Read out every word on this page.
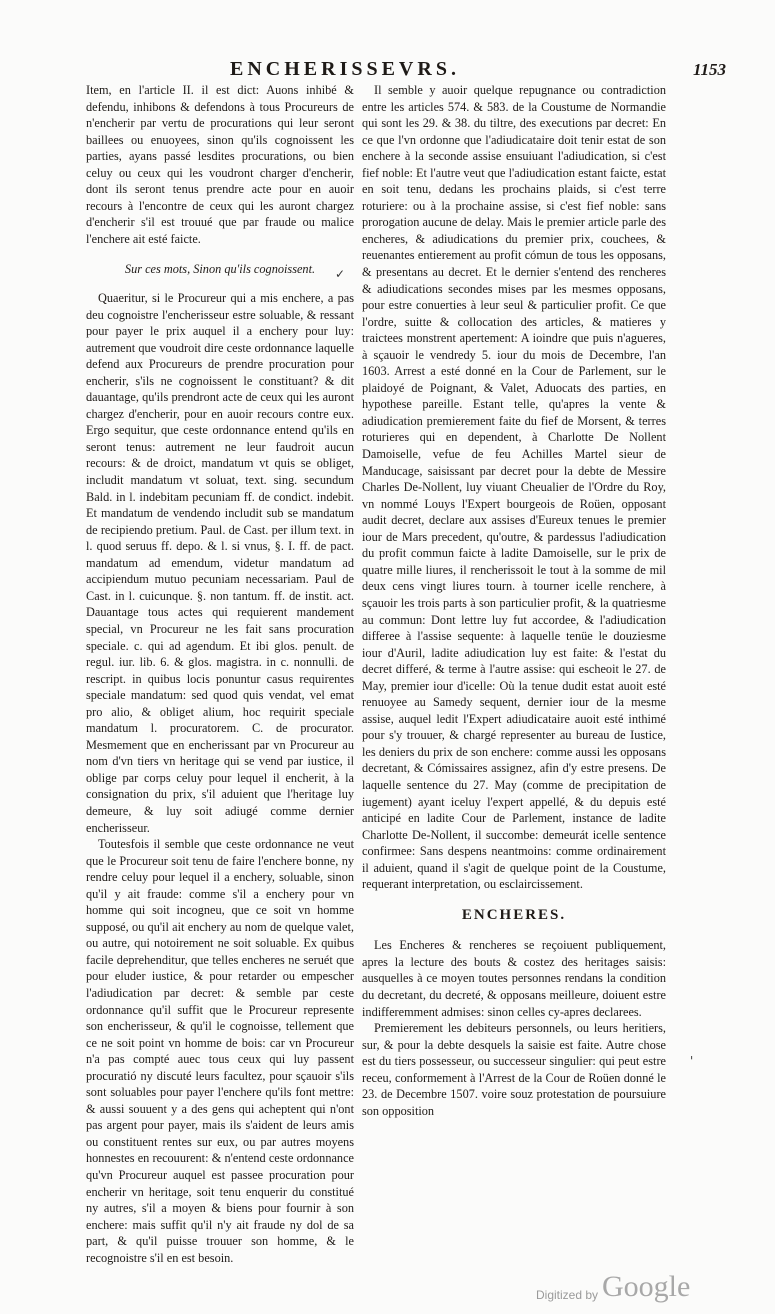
ENCHERISSEVRS.	1153

Item, en l'article II. il est dict: Auons inhibé & defendu, inhibons & defendons à tous Procureurs de n'encherir par vertu de procurations qui leur seront baillees ou enuoyees, sinon qu'ils cognoissent les parties, ayans passé lesdites procurations, ou bien celuy ou ceux qui les voudront charger d'encherir, dont ils seront tenus prendre acte pour en auoir recours à l'encontre de ceux qui les auront chargez d'encherir s'il est trouué que par fraude ou malice l'enchere ait esté faicte.

Sur ces mots, Sinon qu'ils cognoissent.

Quaeritur, si le Procureur qui a mis enchere, a pas deu cognoistre l'encherisseur estre soluable, & ressant pour payer le prix auquel il a enchery pour luy: autrement que voudroit dire ceste ordonnance laquelle defend aux Procureurs de prendre procuration pour encherir, s'ils ne cognoissent le constituant? & dit dauantage, qu'ils prendront acte de ceux qui les auront chargez d'encherir, pour en auoir recours contre eux. Ergo sequitur, que ceste ordonnance entend qu'ils en seront tenus: autrement ne leur faudroit aucun recours: & de droict, mandatum vt quis se obliget, includit mandatum vt soluat, text. sing. secundum Bald. in l. indebitam pecuniam ff. de condict. indebit. Et mandatum de vendendo includit sub se mandatum de recipiendo pretium. Paul. de Cast. per illum text. in l. quod seruus ff. depo. & l. si vnus, §. I. ff. de pact. mandatum ad emendum, videtur mandatum ad accipiendum mutuo pecuniam necessariam. Paul de Cast. in l. cuicunque. §. non tantum. ff. de instit. act. Dauantage tous actes qui requierent mandement special, vn Procureur ne les fait sans procuration speciale. c. qui ad agendum. Et ibi glos. penult. de regul. iur. lib. 6. & glos. magistra. in c. nonnulli. de rescript. in quibus locis ponuntur casus requirentes speciale mandatum: sed quod quis vendat, vel emat pro alio, & obliget alium, hoc requirit speciale mandatum l. procuratorem. C. de procurator. Mesmement que en encherissant par vn Procureur au nom d'vn tiers vn heritage qui se vend par iustice, il oblige par corps celuy pour lequel il encherit, à la consignation du prix, s'il aduient que l'heritage luy demeure, & luy soit adiugé comme dernier encherisseur.

Toutesfois il semble que ceste ordonnance ne veut que le Procureur soit tenu de faire l'enchere bonne, ny rendre celuy pour lequel il a enchery, soluable, sinon qu'il y ait fraude: comme s'il a enchery pour vn homme qui soit incogneu, que ce soit vn homme supposé, ou qu'il ait enchery au nom de quelque valet, ou autre, qui notoirement ne soit soluable. Ex quibus facile deprehenditur, que telles encheres ne seruét que pour eluder iustice, & pour retarder ou empescher l'adiudication par decret: & semble par ceste ordonnance qu'il suffit que le Procureur represente son encherisseur, & qu'il le cognoisse, tellement que ce ne soit point vn homme de bois: car vn Procureur n'a pas compté auec tous ceux qui luy passent procuratió ny discuté leurs facultez, pour sçauoir s'ils sont soluables pour payer l'enchere qu'ils font mettre: & aussi souuent y a des gens qui acheptent qui n'ont pas argent pour payer, mais ils s'aident de leurs amis ou constituent rentes sur eux, ou par autres moyens honnestes en recouurent: & n'entend ceste ordonnance qu'vn Procureur auquel est passee procuration pour encherir vn heritage, soit tenu enquerir du constitué ny autres, s'il a moyen & biens pour fournir à son enchere: mais suffit qu'il n'y ait fraude ny dol de sa part, & qu'il puisse trouuer son homme, & le recognoistre s'il en est besoin.

Il semble y auoir quelque repugnance ou contradiction entre les articles 574. & 583. de la Coustume de Normandie qui sont les 29. & 38. du tiltre, des executions par decret: En ce que l'vn ordonne que l'adiudicataire doit tenir estat de son enchere à la seconde assise ensuiuant l'adiudication, si c'est fief noble: Et l'autre veut que l'adiudication estant faicte, estat en soit tenu, dedans les prochains plaids, si c'est terre roturiere: ou à la prochaine assise, si c'est fief noble: sans prorogation aucune de delay. Mais le premier article parle des encheres, & adiudications du premier prix, couchees, & reuenantes entierement au profit cómun de tous les opposans, & presentans au decret. Et le dernier s'entend des rencheres & adiudications secondes mises par les mesmes opposans, pour estre conuerties à leur seul & particulier profit. Ce que l'ordre, suitte & collocation des articles, & matieres y traictees monstrent apertement: A ioindre que puis n'agueres, à sçauoir le vendredy 5. iour du mois de Decembre, l'an 1603. Arrest a esté donné en la Cour de Parlement, sur le plaidoyé de Poignant, & Valet, Aduocats des parties, en hypothese pareille. Estant telle, qu'apres la vente & adiudication premierement faite du fief de Morsent, & terres roturieres qui en dependent, à Charlotte De Nollent Damoiselle, vefue de feu Achilles Martel sieur de Manducage, saisissant par decret pour la debte de Messire Charles De-Nollent, luy viuant Cheualier de l'Ordre du Roy, vn nommé Louys l'Expert bourgeois de Roüen, opposant audit decret, declare aux assises d'Eureux tenues le premier iour de Mars precedent, qu'outre, & pardessus l'adiudication du profit commun faicte à ladite Damoiselle, sur le prix de quatre mille liures, il rencherissoit le tout à la somme de mil deux cens vingt liures tourn. à tourner icelle renchere, à sçauoir les trois parts à son particulier profit, & la quatriesme au commun: Dont lettre luy fut accordee, & l'adiudication differee à l'assise sequente: à laquelle tenüe le douziesme iour d'Auril, ladite adiudication luy est faite: & l'estat du decret differé, & terme à l'autre assise: qui escheoit le 27. de May, premier iour d'icelle: Où la tenue dudit estat auoit esté renuoyee au Samedy sequent, dernier iour de la mesme assise, auquel ledit l'Expert adiudicataire auoit esté inthimé pour s'y trouuer, & chargé representer au bureau de Iustice, les deniers du prix de son enchere: comme aussi les opposans decretant, & Cómissaires assignez, afin d'y estre presens. De laquelle sentence du 27. May (comme de precipitation de iugement) ayant iceluy l'expert appellé, & du depuis esté anticipé en ladite Cour de Parlement, instance de ladite Charlotte De-Nollent, il succombe: demeurát icelle sentence confirmee: Sans despens neantmoins: comme ordinairement il aduient, quand il s'agit de quelque point de la Coustume, requerant interpretation, ou esclaircissement.

ENCHERES.

Les Encheres & rencheres se reçoiuent publiquement, apres la lecture des bouts & costez des heritages saisis: ausquelles à ce moyen toutes personnes rendans la condition du decretant, du decreté, & opposans meilleure, doiuent estre indifferemment admises: sinon celles cy-apres declarees.

Premierement les debiteurs personnels, ou leurs heritiers, sur, & pour la debte desquels la saisie est faite. Autre chose est du tiers possesseur, ou successeur singulier: qui peut estre receu, conformement à l'Arrest de la Cour de Roüen donné le 23. de Decembre 1507. voire souz protestation de poursuiure son opposition

✓
'
Digitized by Google
